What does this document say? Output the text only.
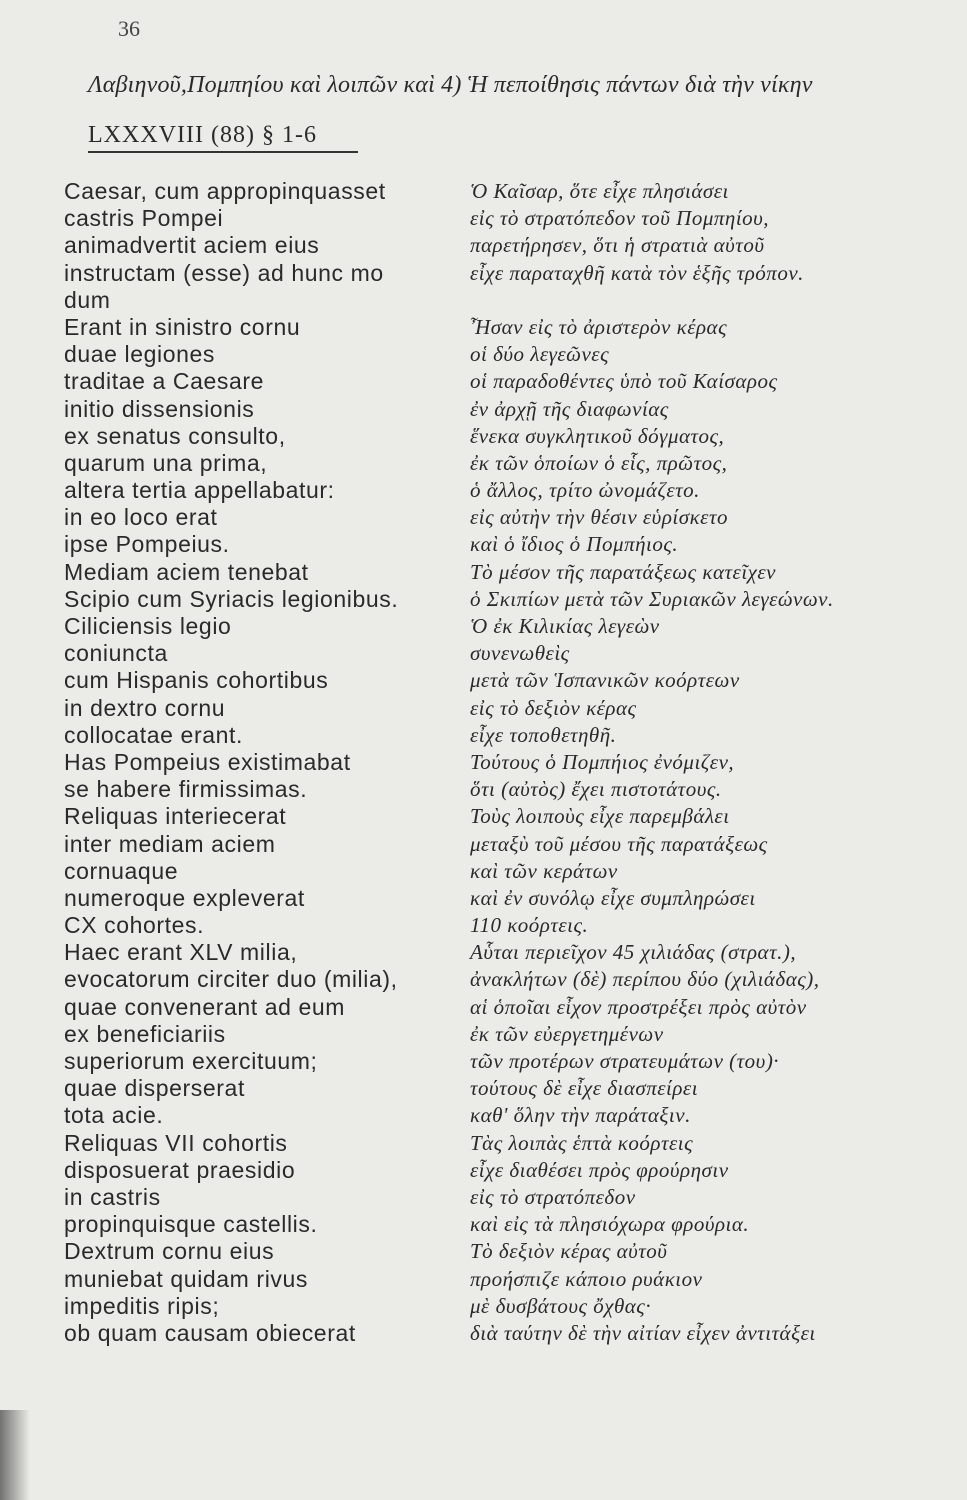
36
Λαβιηνοῦ,Πομπηίου καὶ λοιπῶν καὶ 4) Ἡ πεποίθησις πάντων διὰ τὴν νίκην
LXXXVIII (88) § 1-6
Caesar, cum appropinquasset
castris Pompei
animadvertit aciem eius
instructam (esse) ad hunc mo
dum
Erant in sinistro cornu
duae legiones
traditae a Caesare
initio dissensionis
ex senatus consulto,
quarum una prima,
altera tertia appellabatur:
in eo loco erat
ipse Pompeius.
Mediam aciem tenebat
Scipio cum Syriacis legionibus.
Ciliciensis legio
coniuncta
cum Hispanis cohortibus
in dextro cornu
collocatae erant.
Has Pompeius existimabat
se habere firmissimas.
Reliquas interiecerat
inter mediam aciem
cornuaque
numeroque expleverat
CX cohortes.
Haec erant XLV milia,
evocatorum circiter duo (milia),
quae convenerant ad eum
ex beneficiariis
superiorum exercituum;
quae disperserat
tota acie.
Reliquas VII cohortis
disposuerat praesidio
in castris
propinquisque castellis.
Dextrum cornu eius
muniebat quidam rivus
impeditis ripis;
ob quam causam obiecerat
Ὁ Καῖσαρ, ὅτε εἶχε πλησιάσει
εἰς τὸ στρατόπεδον τοῦ Πομπηίου,
παρετήρησεν, ὅτι ἡ στρατιὰ αὐτοῦ
εἶχε παραταχθῆ κατὰ τὸν ἑξῆς τρόπον.
Ἦσαν εἰς τὸ ἀριστερὸν κέρας
οἱ δύο λεγεῶνες
οἱ παραδοθέντες ὑπὸ τοῦ Καίσαρος
ἐν ἀρχῇ τῆς διαφωνίας
ἕνεκα συγκλητικοῦ δόγματος,
ἐκ τῶν ὁποίων ὁ εἷς, πρῶτος,
ὁ ἄλλος, τρίτο ὠνομάζετο.
εἰς αὐτὴν τὴν θέσιν εὑρίσκετο
καὶ ὁ ἴδιος ὁ Πομπήιος.
Τὸ μέσον τῆς παρατάξεως κατεῖχεν
ὁ Σκιπίων μετὰ τῶν Συριακῶν λεγεώνων.
Ὁ ἐκ Κιλικίας λεγεὼν
συνενωθεὶς
μετὰ τῶν Ἱσπανικῶν κοόρτεων
εἰς τὸ δεξιὸν κέρας
εἶχε τοποθετηθῆ.
Τούτους ὁ Πομπήιος ἐνόμιζεν,
ὅτι (αὐτὸς) ἔχει πιστοτάτους.
Τοὺς λοιποὺς εἶχε παρεμβάλει
μεταξὺ τοῦ μέσου τῆς παρατάξεως
καὶ τῶν κεράτων
καὶ ἐν συνόλῳ εἶχε συμπληρώσει
110 κοόρτεις.
Αὗται περιεῖχον 45 χιλιάδας (στρατ.),
ἀνακλήτων (δὲ) περίπου δύο (χιλιάδας),
αἱ ὁποῖαι εἶχον προστρέξει πρὸς αὐτὸν
ἐκ τῶν εὐεργετημένων
τῶν προτέρων στρατευμάτων (του)·
τούτους δὲ εἶχε διασπείρει
καθ' ὅλην τὴν παράταξιν.
Τὰς λοιπὰς ἑπτὰ κοόρτεις
εἶχε διαθέσει πρὸς φρούρησιν
εἰς τὸ στρατόπεδον
καὶ εἰς τὰ πλησιόχωρα φρούρια.
Τὸ δεξιὸν κέρας αὐτοῦ
προήσπιζε κάποιο ρυάκιον
μὲ δυσβάτους ὄχθας·
διὰ ταύτην δὲ τὴν αἰτίαν εἶχεν ἀντιτάξει
